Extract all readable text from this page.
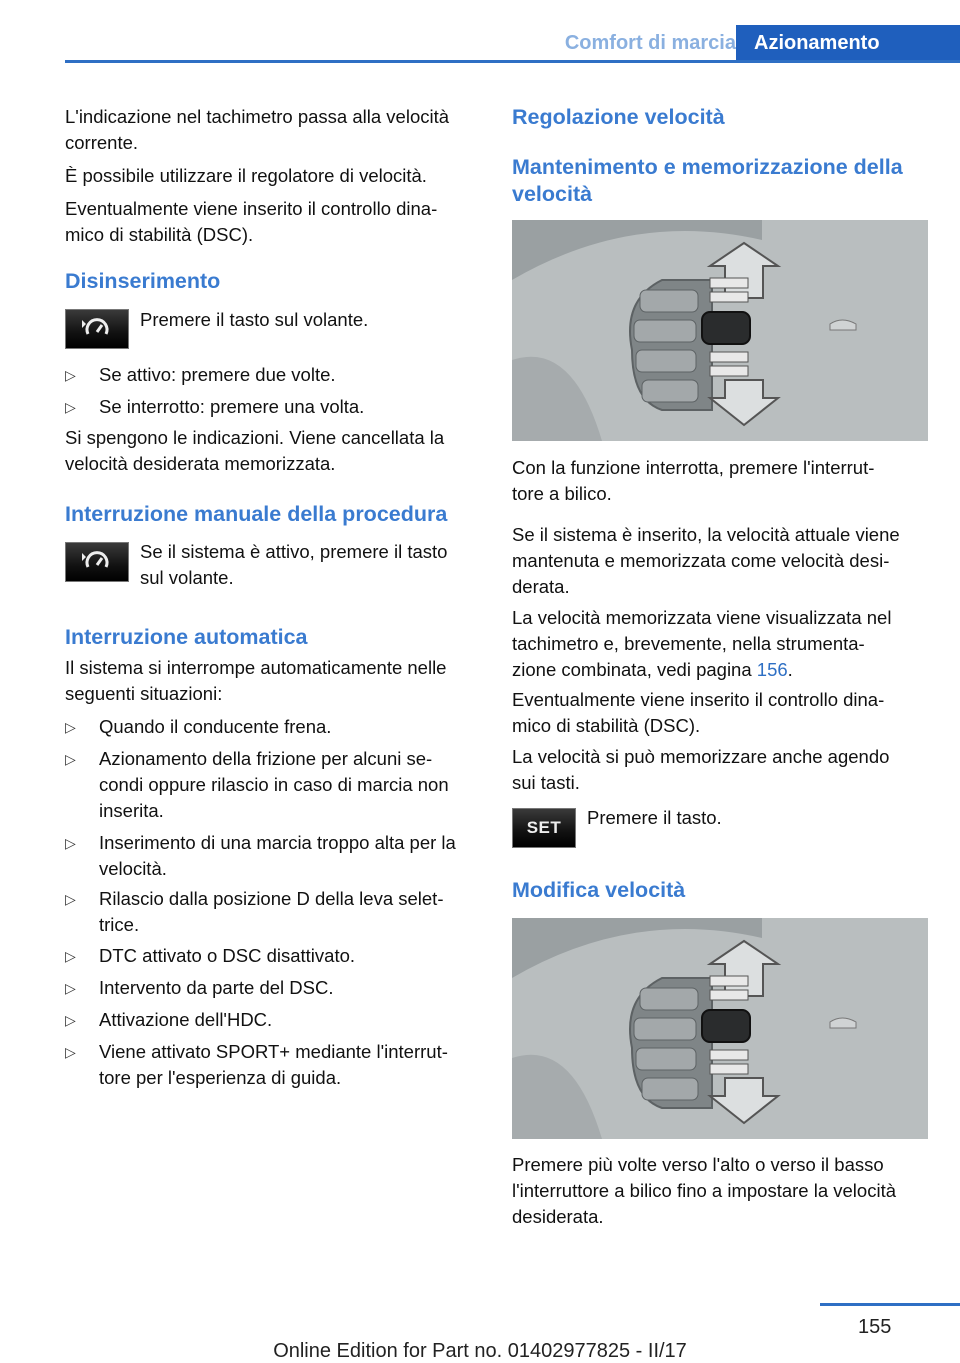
Comfort di marcia Azionamento
L'indicazione nel tachimetro passa alla velocità
corrente.
È possibile utilizzare il regolatore di velocità.
Eventualmente viene inserito il controllo dina‐
mico di stabilità (DSC).
Disinserimento
Premere il tasto sul volante.
▷ Se attivo: premere due volte.
▷ Se interrotto: premere una volta.
Si spengono le indicazioni. Viene cancellata la
velocità desiderata memorizzata.
Interruzione manuale della procedura
Se il sistema è attivo, premere il tasto
sul volante.
Interruzione automatica
Il sistema si interrompe automaticamente nelle
seguenti situazioni:
▷ Quando il conducente frena.
▷ Azionamento della frizione per alcuni se‐
condi oppure rilascio in caso di marcia non
inserita.
▷ Inserimento di una marcia troppo alta per la
velocità.
▷ Rilascio dalla posizione D della leva selet‐
trice.
▷ DTC attivato o DSC disattivato.
▷ Intervento da parte del DSC.
▷ Attivazione dell'HDC.
▷ Viene attivato SPORT+ mediante l'interrut‐
tore per l'esperienza di guida.
Regolazione velocità
Mantenimento e memorizzazione della
velocità
Con la funzione interrotta, premere l'interrut‐
tore a bilico.
Se il sistema è inserito, la velocità attuale viene
mantenuta e memorizzata come velocità desi‐
derata.
La velocità memorizzata viene visualizzata nel
tachimetro e, brevemente, nella strumenta‐
zione combinata, vedi pagina 156.
Eventualmente viene inserito il controllo dina‐
mico di stabilità (DSC).
La velocità si può memorizzare anche agendo
sui tasti.
SET Premere il tasto.
Modifica velocità
Premere più volte verso l'alto o verso il basso
l'interruttore a bilico fino a impostare la velocità
desiderata.
155
Online Edition for Part no. 01402977825 - II/17
